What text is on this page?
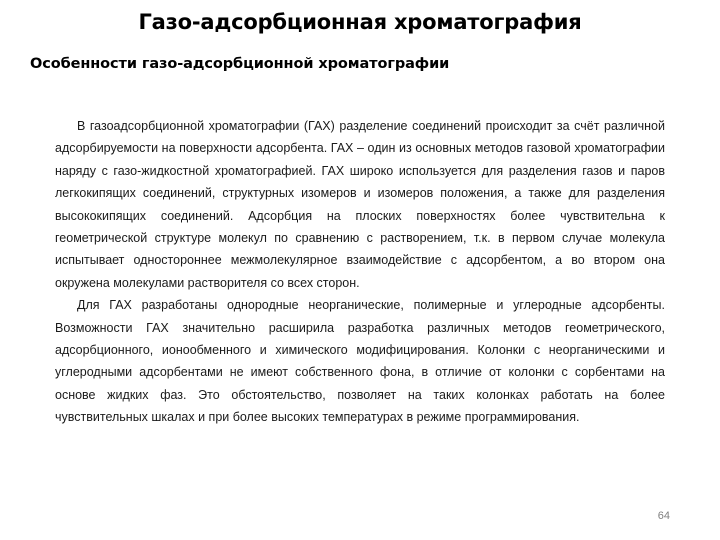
Газо-адсорбционная хроматография
Особенности газо-адсорбционной хроматографии

В газоадсорбционной хроматографии (ГАХ) разделение соединений происходит за счёт различной адсорбируемости на поверхности адсорбента. ГАХ – один из основных методов газовой хроматографии наряду с газо-жидкостной хроматографией. ГАХ широко используется для разделения газов и паров легкокипящих соединений, структурных изомеров и изомеров положения, а также для разделения высококипящих соединений. Адсорбция на плоских поверхностях более чувствительна к геометрической структуре молекул по сравнению с растворением, т.к. в первом случае молекула испытывает одностороннее межмолекулярное взаимодействие с адсорбентом, а во втором она окружена молекулами растворителя со всех сторон.

Для ГАХ разработаны однородные неорганические, полимерные и углеродные адсорбенты. Возможности ГАХ значительно расширила разработка различных методов геометрического, адсорбционного, ионообменного и химического модифицирования. Колонки с неорганическими и углеродными адсорбентами не имеют собственного фона, в отличие от колонки с сорбентами на основе жидких фаз. Это обстоятельство, позволяет на таких колонках работать на более чувствительных шкалах и при более высоких температурах в режиме программирования.

64
